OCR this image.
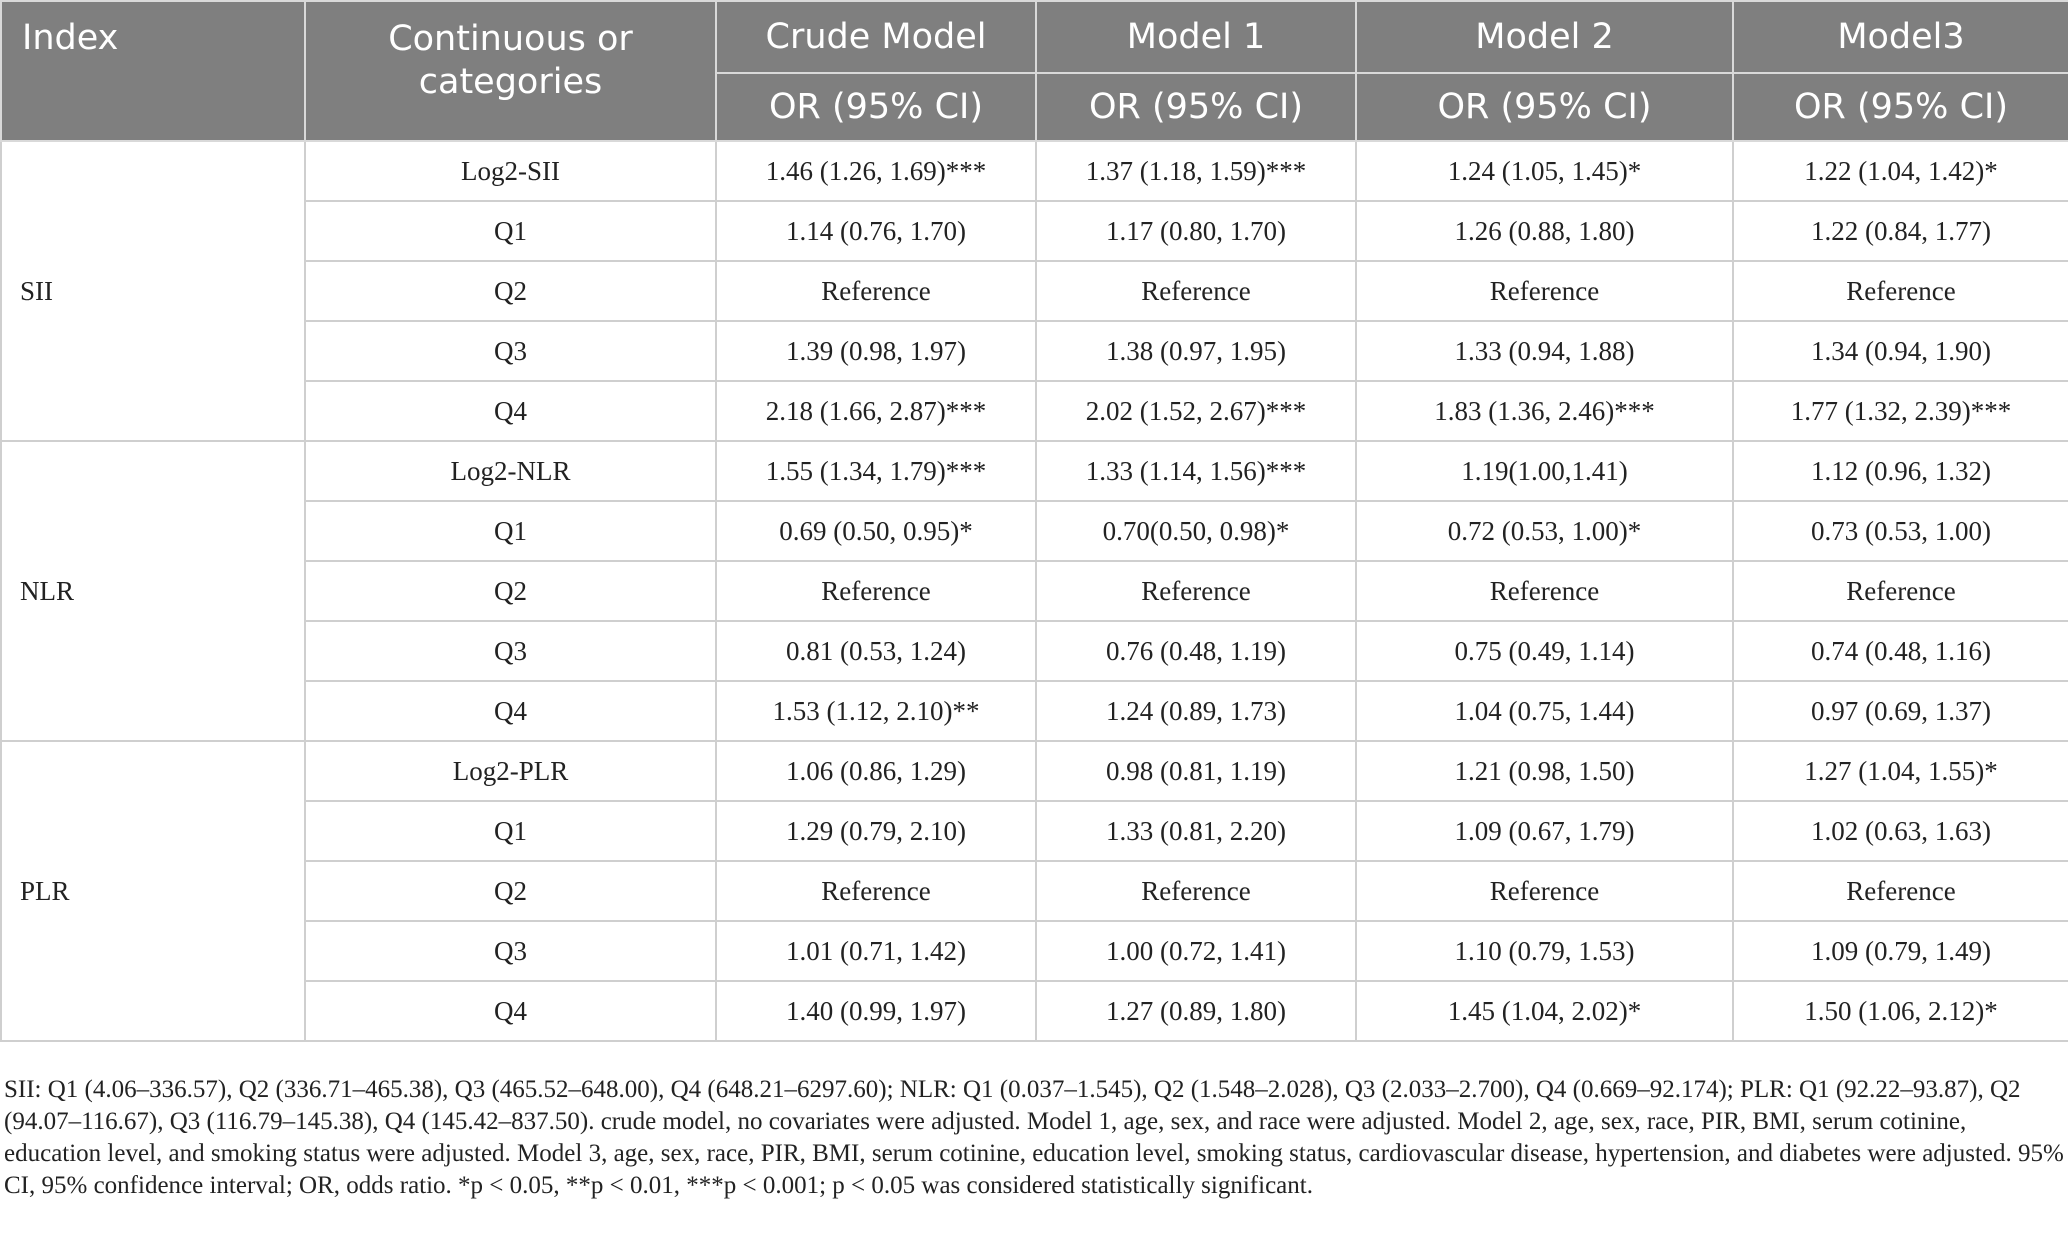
Index	Continuous or categories	Crude Model	Model 1	Model 2	Model3
		OR (95% CI)	OR (95% CI)	OR (95% CI)	OR (95% CI)
SII	Log2-SII	1.46 (1.26, 1.69)***	1.37 (1.18, 1.59)***	1.24 (1.05, 1.45)*	1.22 (1.04, 1.42)*
	Q1	1.14 (0.76, 1.70)	1.17 (0.80, 1.70)	1.26 (0.88, 1.80)	1.22 (0.84, 1.77)
	Q2	Reference	Reference	Reference	Reference
	Q3	1.39 (0.98, 1.97)	1.38 (0.97, 1.95)	1.33 (0.94, 1.88)	1.34 (0.94, 1.90)
	Q4	2.18 (1.66, 2.87)***	2.02 (1.52, 2.67)***	1.83 (1.36, 2.46)***	1.77 (1.32, 2.39)***
NLR	Log2-NLR	1.55 (1.34, 1.79)***	1.33 (1.14, 1.56)***	1.19(1.00,1.41)	1.12 (0.96, 1.32)
	Q1	0.69 (0.50, 0.95)*	0.70(0.50, 0.98)*	0.72 (0.53, 1.00)*	0.73 (0.53, 1.00)
	Q2	Reference	Reference	Reference	Reference
	Q3	0.81 (0.53, 1.24)	0.76 (0.48, 1.19)	0.75 (0.49, 1.14)	0.74 (0.48, 1.16)
	Q4	1.53 (1.12, 2.10)**	1.24 (0.89, 1.73)	1.04 (0.75, 1.44)	0.97 (0.69, 1.37)
PLR	Log2-PLR	1.06 (0.86, 1.29)	0.98 (0.81, 1.19)	1.21 (0.98, 1.50)	1.27 (1.04, 1.55)*
	Q1	1.29 (0.79, 2.10)	1.33 (0.81, 2.20)	1.09 (0.67, 1.79)	1.02 (0.63, 1.63)
	Q2	Reference	Reference	Reference	Reference
	Q3	1.01 (0.71, 1.42)	1.00 (0.72, 1.41)	1.10 (0.79, 1.53)	1.09 (0.79, 1.49)
	Q4	1.40 (0.99, 1.97)	1.27 (0.89, 1.80)	1.45 (1.04, 2.02)*	1.50 (1.06, 2.12)*
SII: Q1 (4.06–336.57), Q2 (336.71–465.38), Q3 (465.52–648.00), Q4 (648.21–6297.60); NLR: Q1 (0.037–1.545), Q2 (1.548–2.028), Q3 (2.033–2.700), Q4 (0.669–92.174); PLR: Q1 (92.22–93.87), Q2 (94.07–116.67), Q3 (116.79–145.38), Q4 (145.42–837.50). crude model, no covariates were adjusted. Model 1, age, sex, and race were adjusted. Model 2, age, sex, race, PIR, BMI, serum cotinine, education level, and smoking status were adjusted. Model 3, age, sex, race, PIR, BMI, serum cotinine, education level, smoking status, cardiovascular disease, hypertension, and diabetes were adjusted. 95% CI, 95% confidence interval; OR, odds ratio. *p < 0.05, **p < 0.01, ***p < 0.001; p < 0.05 was considered statistically significant.
